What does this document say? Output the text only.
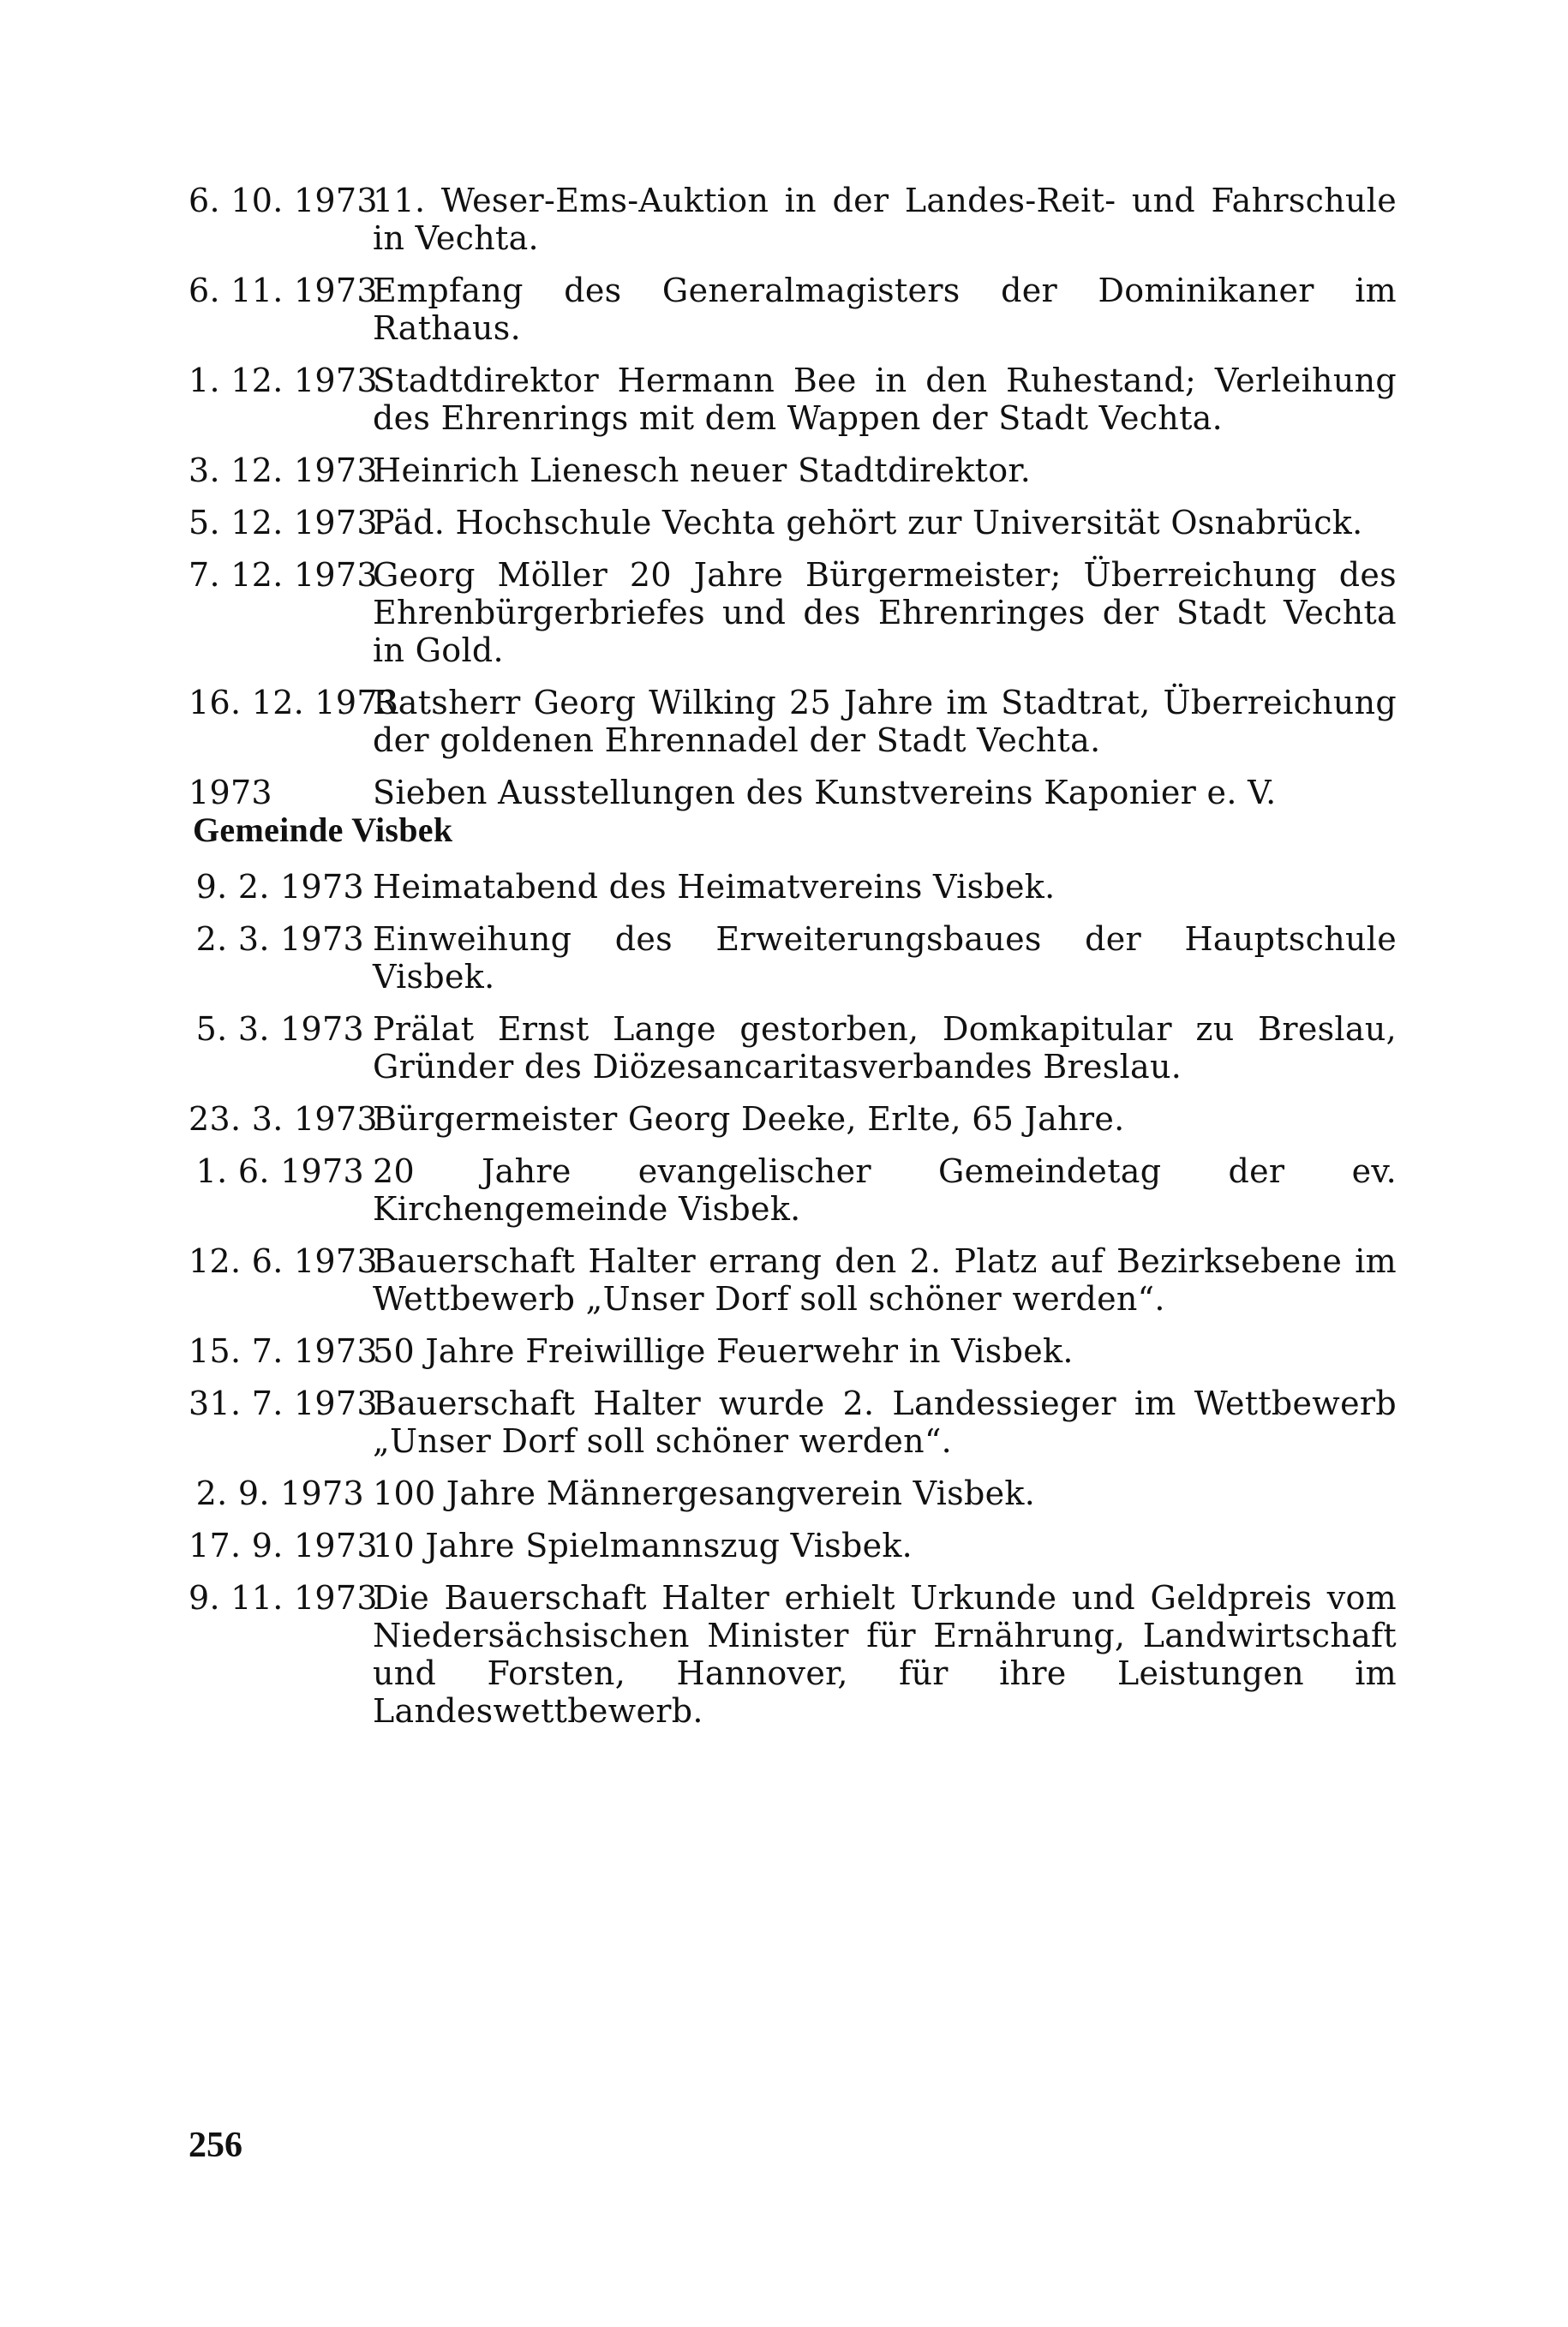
6. 10. 1973
11. Weser-Ems-Auktion in der Landes-Reit- und Fahrschule in Vechta.
6. 11. 1973
Empfang des Generalmagisters der Dominikaner im Rathaus.
1. 12. 1973
Stadtdirektor Hermann Bee in den Ruhestand; Verleihung des Ehrenrings mit dem Wappen der Stadt Vechta.
3. 12. 1973
Heinrich Lienesch neuer Stadtdirektor.
5. 12. 1973
Päd. Hochschule Vechta gehört zur Universität Osnabrück.
7. 12. 1973
Georg Möller 20 Jahre Bürgermeister; Überreichung des Ehrenbürgerbriefes und des Ehrenringes der Stadt Vechta in Gold.
16. 12. 1973
Ratsherr Georg Wilking 25 Jahre im Stadtrat, Überreichung der goldenen Ehrennadel der Stadt Vechta.
1973	Sieben Ausstellungen des Kunstvereins Kaponier e. V.
Gemeinde Visbek
9. 2. 1973 Heimatabend des Heimatvereins Visbek.
2. 3. 1973 Einweihung des Erweiterungsbaues der Hauptschule Visbek.
5. 3. 1973 Prälat Ernst Lange gestorben, Domkapitular zu Breslau, Gründer des Diözesancaritasverbandes Breslau.
23. 3. 1973
Bürgermeister Georg Deeke, Erlte, 65 Jahre.
1. 6. 1973 20 Jahre evangelischer Gemeindetag der ev. Kirchengemeinde Visbek.
12. 6. 1973
Bauerschaft Halter errang den 2. Platz auf Bezirksebene im Wettbewerb „Unser Dorf soll schöner werden“.
15. 7. 1973
50 Jahre Freiwillige Feuerwehr in Visbek.
31. 7. 1973
Bauerschaft Halter wurde 2. Landessieger im Wettbewerb „Unser Dorf soll schöner werden“.
2. 9. 1973 100 Jahre Männergesangverein Visbek.
17. 9. 1973
10 Jahre Spielmannszug Visbek.
9. 11. 1973
Die Bauerschaft Halter erhielt Urkunde und Geldpreis vom Niedersächsischen Minister für Ernährung, Landwirtschaft und Forsten, Hannover, für ihre Leistungen im Landeswettbewerb.
256
